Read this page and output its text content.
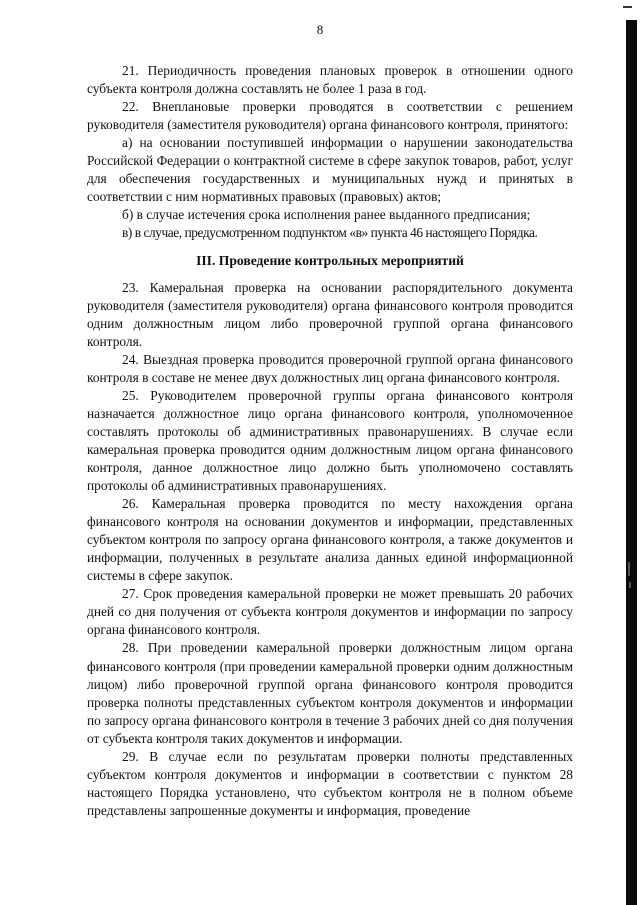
8

21. Периодичность проведения плановых проверок в отношении одного субъекта контроля должна составлять не более 1 раза в год.

22. Внеплановые проверки проводятся в соответствии с решением руководителя (заместителя руководителя) органа финансового контроля, принятого:

а) на основании поступившей информации о нарушении законодательства Российской Федерации о контрактной системе в сфере закупок товаров, работ, услуг для обеспечения государственных и муниципальных нужд и принятых в соответствии с ним нормативных правовых (правовых) актов;

б) в случае истечения срока исполнения ранее выданного предписания;

в) в случае, предусмотренном подпунктом «в» пункта 46 настоящего Порядка.

III. Проведение контрольных мероприятий

23. Камеральная проверка на основании распорядительного документа руководителя (заместителя руководителя) органа финансового контроля проводится одним должностным лицом либо проверочной группой органа финансового контроля.

24. Выездная проверка проводится проверочной группой органа финансового контроля в составе не менее двух должностных лиц органа финансового контроля.

25. Руководителем проверочной группы органа финансового контроля назначается должностное лицо органа финансового контроля, уполномоченное составлять протоколы об административных правонарушениях. В случае если камеральная проверка проводится одним должностным лицом органа финансового контроля, данное должностное лицо должно быть уполномочено составлять протоколы об административных правонарушениях.

26. Камеральная проверка проводится по месту нахождения органа финансового контроля на основании документов и информации, представленных субъектом контроля по запросу органа финансового контроля, а также документов и информации, полученных в результате анализа данных единой информационной системы в сфере закупок.

27. Срок проведения камеральной проверки не может превышать 20 рабочих дней со дня получения от субъекта контроля документов и информации по запросу органа финансового контроля.

28. При проведении камеральной проверки должностным лицом органа финансового контроля (при проведении камеральной проверки одним должностным лицом) либо проверочной группой органа финансового контроля проводится проверка полноты представленных субъектом контроля документов и информации по запросу органа финансового контроля в течение 3 рабочих дней со дня получения от субъекта контроля таких документов и информации.

29. В случае если по результатам проверки полноты представленных субъектом контроля документов и информации в соответствии с пунктом 28 настоящего Порядка установлено, что субъектом контроля не в полном объеме представлены запрошенные документы и информация, проведение
